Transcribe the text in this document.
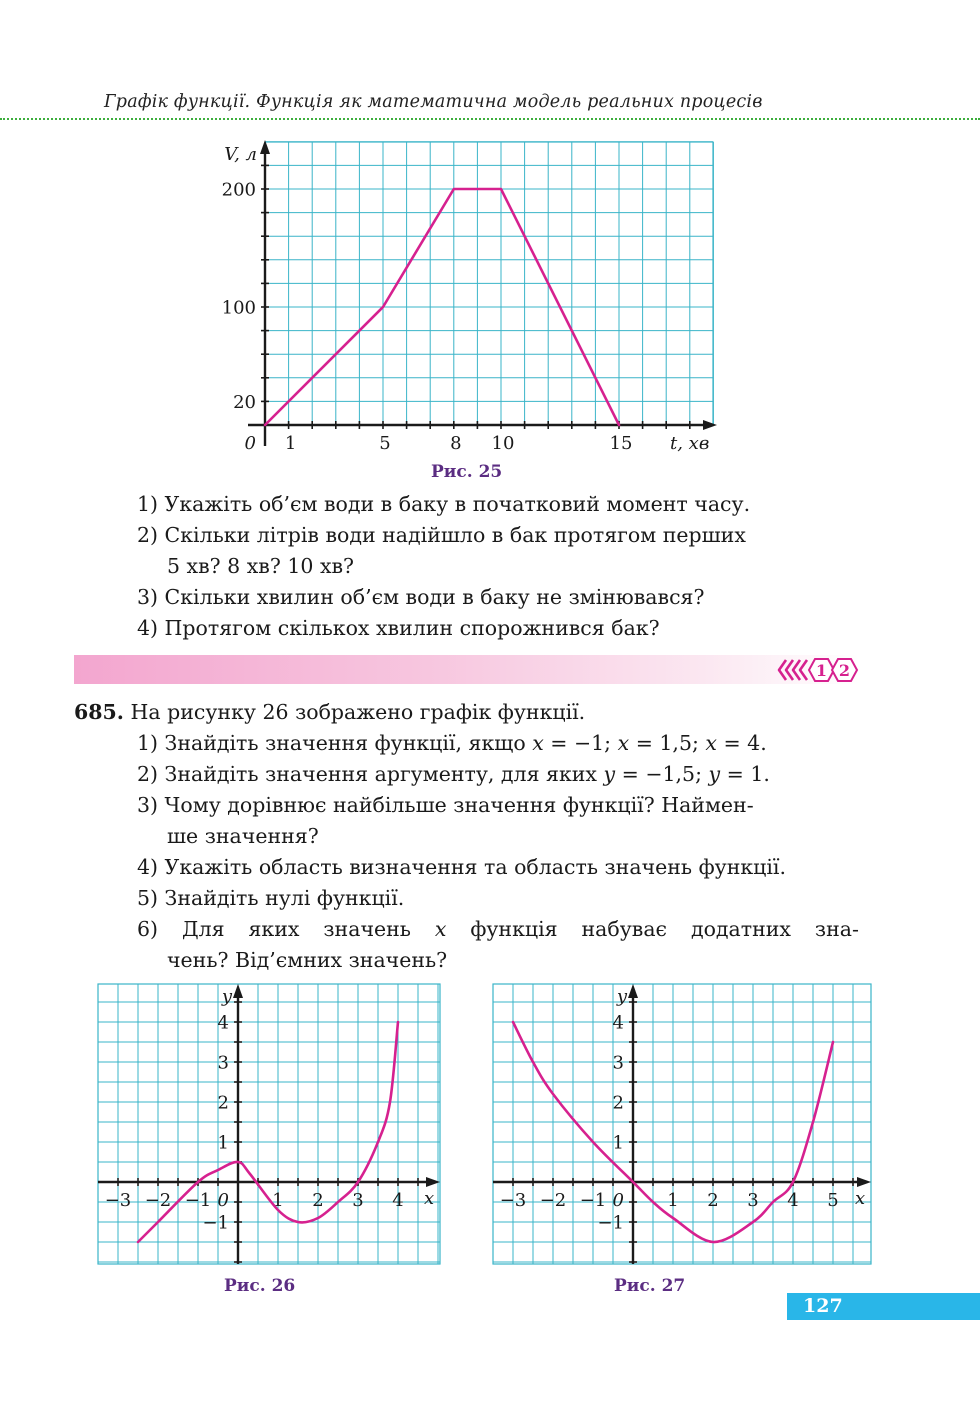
Графік функції. Функція як математична модель реальних процесів
1	5	8 10	15
20
100
200
0
V, л
t, хв
Рис. 25
1) Укажіть об’єм води в баку в початковий момент часу.
2) Скільки літрів води надійшло в бак протягом перших
5 хв? 8 хв? 10 хв?
3) Скільки хвилин об’єм води в баку не змінювався?
4) Протягом скількох хвилин спорожнився бак?
1 2
685. На рисунку 26 зображено графік функції.
1) Знайдіть значення функції, якщо x = −1; x = 1,5; x = 4.
2) Знайдіть значення аргументу, для яких y = −1,5; y = 1.
3) Чому дорівнює найбільше значення функції? Наймен-
ше значення?
4) Укажіть область визначення та область значень функції.
5) Знайдіть нулі функції.
6) Для яких значень x функція набуває додатних зна-
чень? Від’ємних значень?
−3 −2 −1	1 2 3 4
−1
1
2
3
4
0
y
x
Рис. 26
−3 −2 −1	1 2 3 4 5
−1
1
2
3
4
0
y
x
Рис. 27
127
